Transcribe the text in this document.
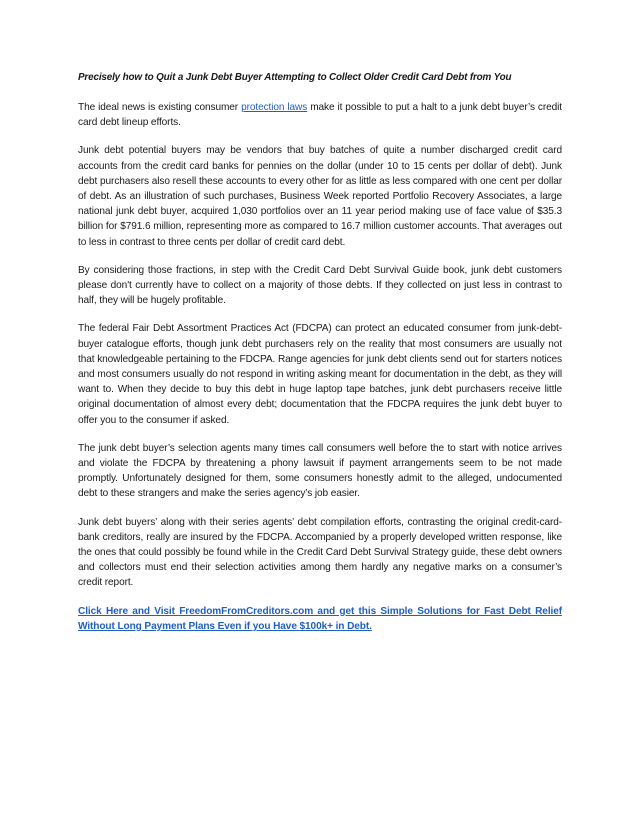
Precisely how to Quit a Junk Debt Buyer Attempting to Collect Older Credit Card Debt from You

The ideal news is existing consumer protection laws make it possible to put a halt to a junk debt buyer’s credit card debt lineup efforts.

Junk debt potential buyers may be vendors that buy batches of quite a number discharged credit card accounts from the credit card banks for pennies on the dollar (under 10 to 15 cents per dollar of debt). Junk debt purchasers also resell these accounts to every other for as little as less compared with one cent per dollar of debt. As an illustration of such purchases, Business Week reported Portfolio Recovery Associates, a large national junk debt buyer, acquired 1,030 portfolios over an 11 year period making use of face value of $35.3 billion for $791.6 million, representing more as compared to 16.7 million customer accounts. That averages out to less in contrast to three cents per dollar of credit card debt.

By considering those fractions, in step with the Credit Card Debt Survival Guide book, junk debt customers please don't currently have to collect on a majority of those debts. If they collected on just less in contrast to half, they will be hugely profitable.

The federal Fair Debt Assortment Practices Act (FDCPA) can protect an educated consumer from junk-debt-buyer catalogue efforts, though junk debt purchasers rely on the reality that most consumers are usually not that knowledgeable pertaining to the FDCPA. Range agencies for junk debt clients send out for starters notices and most consumers usually do not respond in writing asking meant for documentation in the debt, as they will want to. When they decide to buy this debt in huge laptop tape batches, junk debt purchasers receive little original documentation of almost every debt; documentation that the FDCPA requires the junk debt buyer to offer you to the consumer if asked.

The junk debt buyer’s selection agents many times call consumers well before the to start with notice arrives and violate the FDCPA by threatening a phony lawsuit if payment arrangements seem to be not made promptly. Unfortunately designed for them, some consumers honestly admit to the alleged, undocumented debt to these strangers and make the series agency’s job easier.

Junk debt buyers’ along with their series agents’ debt compilation efforts, contrasting the original credit-card-bank creditors, really are insured by the FDCPA. Accompanied by a properly developed written response, like the ones that could possibly be found while in the Credit Card Debt Survival Strategy guide, these debt owners and collectors must end their selection activities among them hardly any negative marks on a consumer’s credit report.

Click Here and Visit FreedomFromCreditors.com and get this Simple Solutions for Fast Debt Relief Without Long Payment Plans Even if you Have $100k+ in Debt.
